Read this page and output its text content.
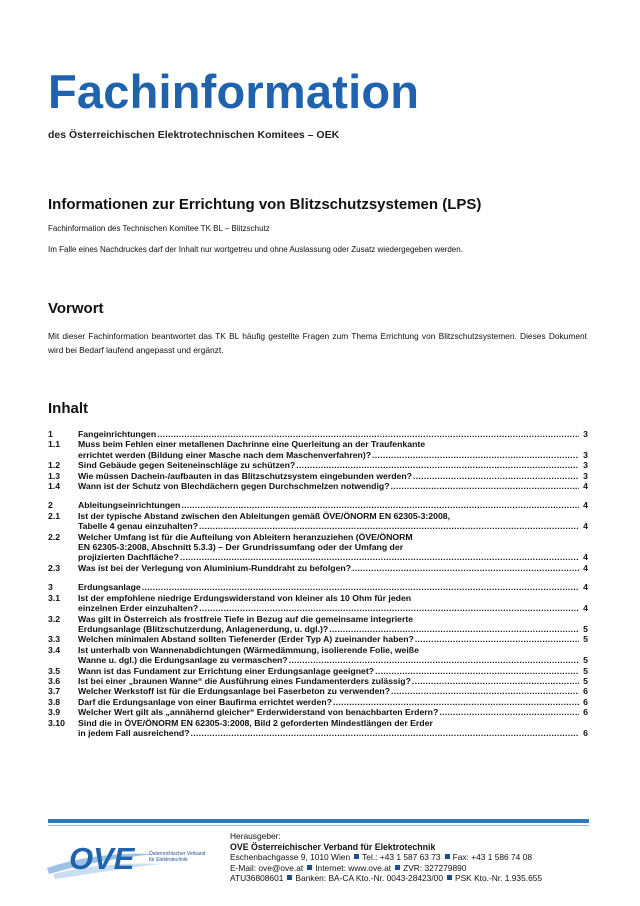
Fachinformation
des Österreichischen Elektrotechnischen Komitees – OEK
Informationen zur Errichtung von Blitzschutzsystemen (LPS)
Fachinformation des Technischen Komitee TK BL – Blitzschutz
Im Falle eines Nachdruckes darf der Inhalt nur wortgetreu und ohne Auslassung oder Zusatz wiedergegeben werden.
Vorwort
Mit dieser Fachinformation beantwortet das TK BL häufig gestellte Fragen zum Thema Errichtung von Blitzschutzsystemen. Dieses Dokument wird bei Bedarf laufend angepasst und ergänzt.
Inhalt
1	Fangeinrichtungen .....	3
1.1	Muss beim Fehlen einer metallenen Dachrinne eine Querleitung an der Traufenkante
errichtet werden (Bildung einer Masche nach dem Maschenverfahren)? .....	3
1.2	Sind Gebäude gegen Seiteneinschläge zu schützen? .....	3
1.3	Wie müssen Dachein-/aufbauten in das Blitzschutzsystem eingebunden werden? .....	3
1.4	Wann ist der Schutz von Blechdächern gegen Durchschmelzen notwendig? .....	4
2	Ableitungseinrichtungen .....	4
2.1	Ist der typische Abstand zwischen den Ableitungen gemäß ÖVE/ÖNORM EN 62305-3:2008,
Tabelle 4 genau einzuhalten? .....	4
2.2	Welcher Umfang ist für die Aufteilung von Ableitern heranzuziehen (ÖVE/ÖNORM
EN 62305-3:2008, Abschnitt 5.3.3) – Der Grundrissumfang oder der Umfang der
projizierten Dachfläche? .....	4
2.3	Was ist bei der Verlegung von Aluminium-Runddraht zu befolgen? .....	4
3	Erdungsanlage .....	4
3.1	Ist der empfohlene niedrige Erdungswiderstand von kleiner als 10 Ohm für jeden
einzelnen Erder einzuhalten? .....	4
3.2	Was gilt in Österreich als frostfreie Tiefe in Bezug auf die gemeinsame integrierte
Erdungsanlage (Blitzschutzerdung, Anlagenerdung, u. dgl.)? .....	5
3.3	Welchen minimalen Abstand sollten Tiefenerder (Erder Typ A) zueinander haben? .....	5
3.4	Ist unterhalb von Wannenabdichtungen (Wärmedämmung, isolierende Folie, weiße
Wanne u. dgl.) die Erdungsanlage zu vermaschen? .....	5
3.5	Wann ist das Fundament zur Errichtung einer Erdungsanlage geeignet? .....	5
3.6	Ist bei einer „braunen Wanne“ die Ausführung eines Fundamenterders zulässig? .....	5
3.7	Welcher Werkstoff ist für die Erdungsanlage bei Faserbeton zu verwenden? .....	6
3.8	Darf die Erdungsanlage von einer Baufirma errichtet werden? .....	6
3.9	Welcher Wert gilt als „annähernd gleicher“ Erderwiderstand von benachbarten Erdern? .....	6
3.10	Sind die in ÖVE/ÖNORM EN 62305-3:2008, Bild 2 geforderten Mindestlängen der Erder
in jedem Fall ausreichend? .....	6
OVE	Österreichischer Verband
für Elektrotechnik
Herausgeber:
OVE Österreichischer Verband für Elektrotechnik
Eschenbachgasse 9, 1010 Wien Tel.: +43 1 587 63 73 Fax: +43 1 586 74 08
E-Mail: ove@ove.at Internet: www.ove.at ZVR: 327279890
ATU36808601 Banken: BA-CA Kto.-Nr. 0043-28423/00 PSK Kto.-Nr. 1.935.655
